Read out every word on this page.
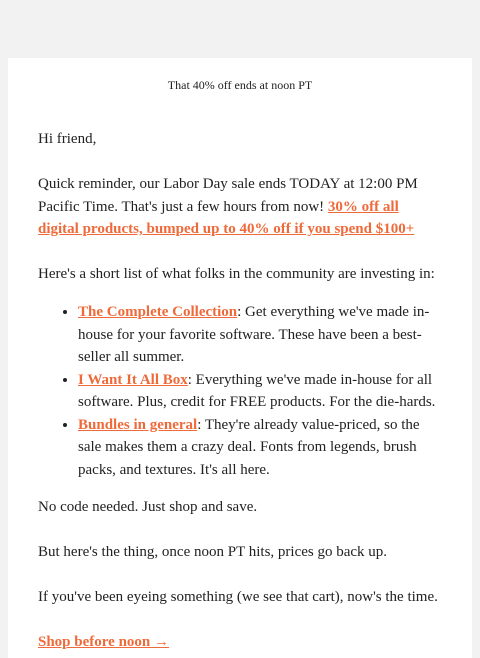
That 40% off ends at noon PT

Hi friend,

Quick reminder, our Labor Day sale ends TODAY at 12:00 PM Pacific Time. That's just a few hours from now! 30% off all digital products, bumped up to 40% off if you spend $100+

Here's a short list of what folks in the community are investing in:

• The Complete Collection: Get everything we've made in-house for your favorite software. These have been a best-seller all summer.
• I Want It All Box: Everything we've made in-house for all software. Plus, credit for FREE products. For the die-hards.
• Bundles in general: They're already value-priced, so the sale makes them a crazy deal. Fonts from legends, brush packs, and textures. It's all here.

No code needed. Just shop and save.

But here's the thing, once noon PT hits, prices go back up.

If you've been eyeing something (we see that cart), now's the time.

Shop before noon →
